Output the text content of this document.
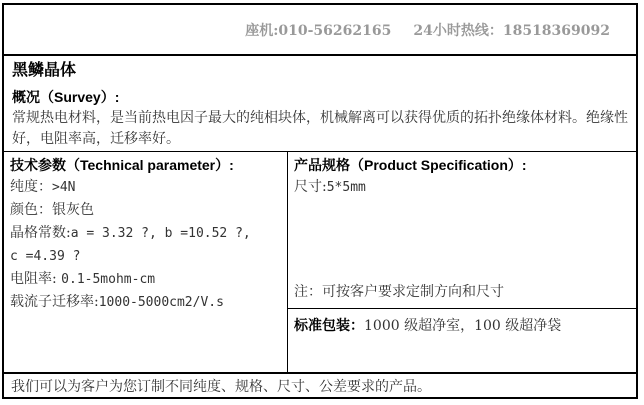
座机:010-56262165 24小时热线：18518369092
黑鳞晶体
概况（Survey）:
常规热电材料，是当前热电因子最大的纯相块体，机械解离可以获得优质的拓扑绝缘体材料。绝缘性好，电阻率高，迁移率好。
技术参数（Technical parameter）:
纯度：>4N
颜色：银灰色
晶格常数:a = 3.32 ?, b =10.52 ?,
c =4.39 ?
电阻率: 0.1-5mohm-cm
载流子迁移率:1000-5000cm2/V.s
产品规格（Product Specification）:
尺寸:5*5mm
注：可按客户要求定制方向和尺寸
标准包装：1000 级超净室，100 级超净袋
我们可以为客户为您订制不同纯度、规格、尺寸、公差要求的产品。
